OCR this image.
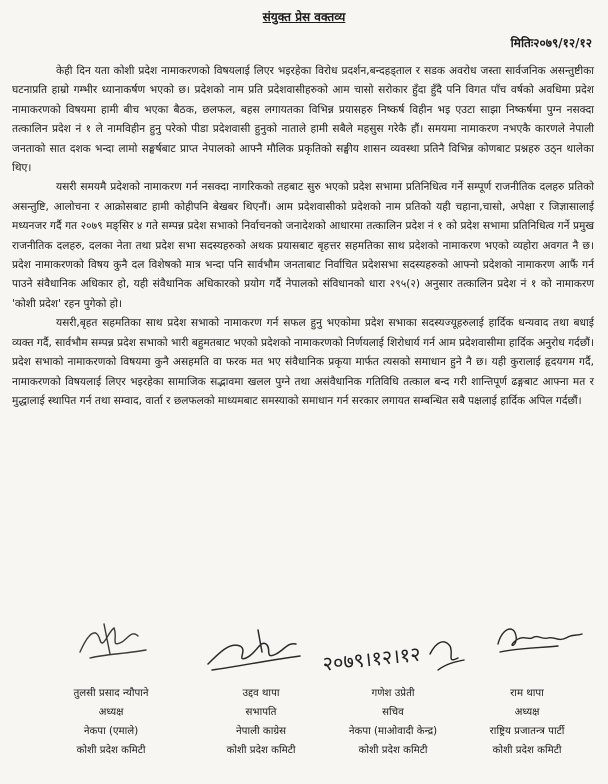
संयुक्त प्रेस वक्तव्य
मितिः२०७९/१२/१२

केही दिन यता कोशी प्रदेश नामाकरणको विषयलाई लिएर भइरहेका विरोध प्रदर्शन,बन्दहड्ताल र सडक अवरोध जस्ता सार्वजनिक असन्तुष्टीका घटनाप्रति हाम्रो गम्भीर ध्यानाकर्षण भएको छ। प्रदेशको नाम प्रति प्रदेशवासीहरुको आम चासो सरोकार हुँदा हुँदै पनि विगत पाँच वर्षको अवधिमा प्रदेश नामाकरणको विषयमा हामी बीच भएका बैठक, छलफल, बहस लगायतका विभिन्न प्रयासहरु निष्कर्ष विहीन भइ एउटा साझा निष्कर्षमा पुग्न नसक्दा तत्कालिन प्रदेश नं १ ले नामविहीन हुनु परेको पीडा प्रदेशवासी हुनुको नाताले हामी सबैले महसुस गरेकै हौं। समयमा नामाकरण नभएकै कारणले नेपाली जनताको सात दशक भन्दा लामो सङ्घर्षबाट प्राप्त नेपालको आफ्नै मौलिक प्रकृतिको सङ्घीय शासन व्यवस्था प्रतिनै विभिन्न कोणबाट प्रश्नहरु उठ्न थालेका थिए।

यसरी समयमै प्रदेशको नामाकरण गर्न नसक्दा नागरिकको तहबाट सुरु भएको प्रदेश सभामा प्रतिनिधित्व गर्ने सम्पूर्ण राजनीतिक दलहरु प्रतिको असन्तुष्टि, आलोचना र आक्रोसबाट हामी कोहीपनि बेखबर थिएनौं। आम प्रदेशवासीको प्रदेशको नाम प्रतिको यही चहाना,चासो, अपेक्षा र जिज्ञासालाई मध्यनजर गर्दै गत २०७९ मङ्सिर ४ गते सम्पन्न प्रदेश सभाको निर्वाचनको जनादेशको आधारमा तत्कालिन प्रदेश नं १ को प्रदेश सभामा प्रतिनिधित्व गर्ने प्रमुख राजनीतिक दलहरु, दलका नेता तथा प्रदेश सभा सदस्यहरुको अथक प्रयासबाट बृहत्तर सहमतिका साथ प्रदेशको नामाकरण भएको व्यहोरा अवगत नै छ। प्रदेश नामाकरणको विषय कुनै दल विशेषको मात्र भन्दा पनि सार्वभौम जनताबाट निर्वाचित प्रदेशसभा सदस्यहरुको आफ्नो प्रदेशको नामाकरण आफैं गर्न पाउने संवैधानिक अधिकार हो, यही संवैधानिक अधिकारको प्रयोग गर्दै नेपालको संविधानको धारा २९५(२) अनुसार तत्कालिन प्रदेश नं १ को नामाकरण 'कोशी प्रदेश' रहन पुगेको हो।

यसरी,बृहत सहमतिका साथ प्रदेश सभाको नामाकरण गर्न सफल हुनु भएकोमा प्रदेश सभाका सदस्यज्यूहरुलाई हार्दिक धन्यवाद तथा बधाई व्यक्त गर्दै, सार्वभौम सम्पन्न प्रदेश सभाको भारी बहुमतबाट भएको प्रदेशको नामाकरणको निर्णयलाई शिरोधार्य गर्न आम प्रदेशवासीमा हार्दिक अनुरोध गर्दछौं। प्रदेश सभाको नामाकरणको विषयमा कुनै असहमति वा फरक मत भए संवैधानिक प्रकृया मार्फत त्यसको समाधान हुने नै छ। यही कुरालाई हृदयगम गर्दै, नामाकरणको विषयलाई लिएर भइरहेका सामाजिक सद्भावमा खलल पुग्ने तथा असंवैधानिक गतिविधि तत्काल बन्द गरी शान्तिपूर्ण ढङ्गबाट आफ्ना मत र मुद्धालाई स्थापित गर्न तथा सम्वाद, वार्ता र छलफलको माध्यमबाट समस्याको समाधान गर्न सरकार लगायत सम्बन्धित सबै पक्षलाई हार्दिक अपिल गर्दछौं।

२०७९।१२।१२
तुलसी प्रसाद न्यौपाने
अध्यक्ष
नेकपा (एमाले)
कोशी प्रदेश कमिटी
उद्दव थापा
सभापति
नेपाली काग्रेस
कोशी प्रदेश कमिटी
गणेश उप्रेती
सचिव
नेकपा (माओवादी केन्द्र)
कोशी प्रदेश कमिटी
राम थापा
अध्यक्ष
राष्ट्रिय प्रजातन्त्र पार्टी
कोशी प्रदेश कमिटी
